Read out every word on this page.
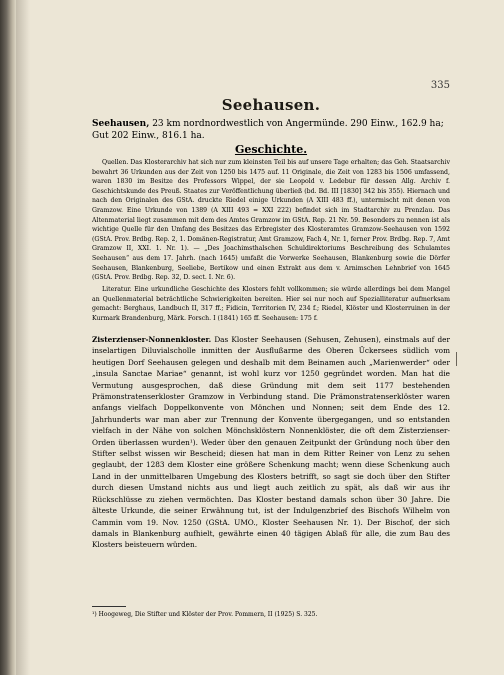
335
Seehausen.
Seehausen, 23 km nordnordwestlich von Angermünde. 290 Einw., 162.9 ha; Gut 202 Einw., 816.1 ha.
Geschichte.
Quellen. Das Klosterarchiv hat sich nur zum kleinsten Teil bis auf unsere Tage erhalten; das Geh. Staatsarchiv bewahrt 36 Urkunden aus der Zeit von 1250 bis 1475 auf. 11 Originale, die Zeit von 1283 bis 1506 umfassend, waren 1830 im Besitze des Professors Wippel, der sie Leopold v. Ledebur für dessen Allg. Archiv f. Geschichtskunde des Preuß. Staates zur Veröffentlichung überließ (bd. Bd. III [1830] 342 bis 355). Hiernach und nach den Originalen des GStA. druckte Riedel einige Urkunden (A XIII 483 ff.), untermischt mit denen von Gramzow. Eine Urkunde von 1389 (A XIII 493 = XXI 222) befindet sich im Stadtarchiv zu Prenzlau. Das Altenmaterial liegt zusammen mit dem des Amtes Gramzow im GStA. Rep. 21 Nr. 59. Besonders zu nennen ist als wichtige Quelle für den Umfang des Besitzes das Erbregister des Klosteramtes Gramzow-Seehausen von 1592 (GStA. Prov. Brdbg. Rep. 2, 1. Domänen-Registratur, Amt Gramzow, Fach 4, Nr. 1, ferner Prov. Brdbg. Rep. 7, Amt Gramzow II, XXI. 1. Nr. 1). — „Des Joachimsthalschen Schuldirektoriums Beschreibung des Schulamtes Seehausen“ aus dem 17. Jahrh. (nach 1645) umfaßt die Vorwerke Seehausen, Blankenburg sowie die Dörfer Seehausen, Blankenburg, Seeliebe, Bertikow und einen Extrakt aus dem v. Arnimschen Lehnbrief von 1645 (GStA. Prov. Brdbg. Rep. 32, D. sect. I. Nr. 6).
Literatur. Eine urkundliche Geschichte des Klosters fehlt vollkommen; sie würde allerdings bei dem Mangel an Quellenmaterial beträchtliche Schwierigkeiten bereiten. Hier sei nur noch auf Spezialliteratur aufmerksam gemacht: Berghaus, Landbuch II, 317 ff.; Fidicin, Territorien IV, 234 f.; Riedel, Klöster und Klosterruinen in der Kurmark Brandenburg, Märk. Forsch. I (1841) 165 ff. Seehausen: 175 f.
Zisterzienser-Nonnenkloster. Das Kloster Seehausen (Sehusen, Zehusen), einstmals auf der inselartigen Diluvialscholle inmitten der Ausflußarme des Oberen Ückersees südlich vom heutigen Dorf Seehausen gelegen und deshalb mit dem Beinamen auch „Marienwerder“ oder „insula Sanctae Mariae“ genannt, ist wohl kurz vor 1250 gegründet worden. Man hat die Vermutung ausgesprochen, daß diese Gründung mit dem seit 1177 bestehenden Prämonstratenserkloster Gramzow in Verbindung stand. Die Prämonstratenserklöster waren anfangs vielfach Doppelkonvente von Mönchen und Nonnen; seit dem Ende des 12. Jahrhunderts war man aber zur Trennung der Konvente übergegangen, und so entstanden vielfach in der Nähe von solchen Mönchsklöstern Nonnenklöster, die oft dem Zisterzienser-Orden überlassen wurden¹). Weder über den genauen Zeitpunkt der Gründung noch über den Stifter selbst wissen wir Bescheid; diesen hat man in dem Ritter Reiner von Lenz zu sehen geglaubt, der 1283 dem Kloster eine größere Schenkung macht; wenn diese Schenkung auch Land in der unmittelbaren Umgebung des Klosters betrifft, so sagt sie doch über den Stifter durch diesen Umstand nichts aus und liegt auch zeitlich zu spät, als daß wir aus ihr Rückschlüsse zu ziehen vermöchten. Das Kloster bestand damals schon über 30 Jahre. Die älteste Urkunde, die seiner Erwähnung tut, ist der Indulgenzbrief des Bischofs Wilhelm von Cammin vom 19. Nov. 1250 (GStA. UMO., Kloster Seehausen Nr. 1). Der Bischof, der sich damals in Blankenburg aufhielt, gewährte einen 40 tägigen Ablaß für alle, die zum Bau des Klosters beisteuern würden.
¹) Hoogeweg, Die Stifter und Klöster der Prov. Pommern, II (1925) S. 325.
